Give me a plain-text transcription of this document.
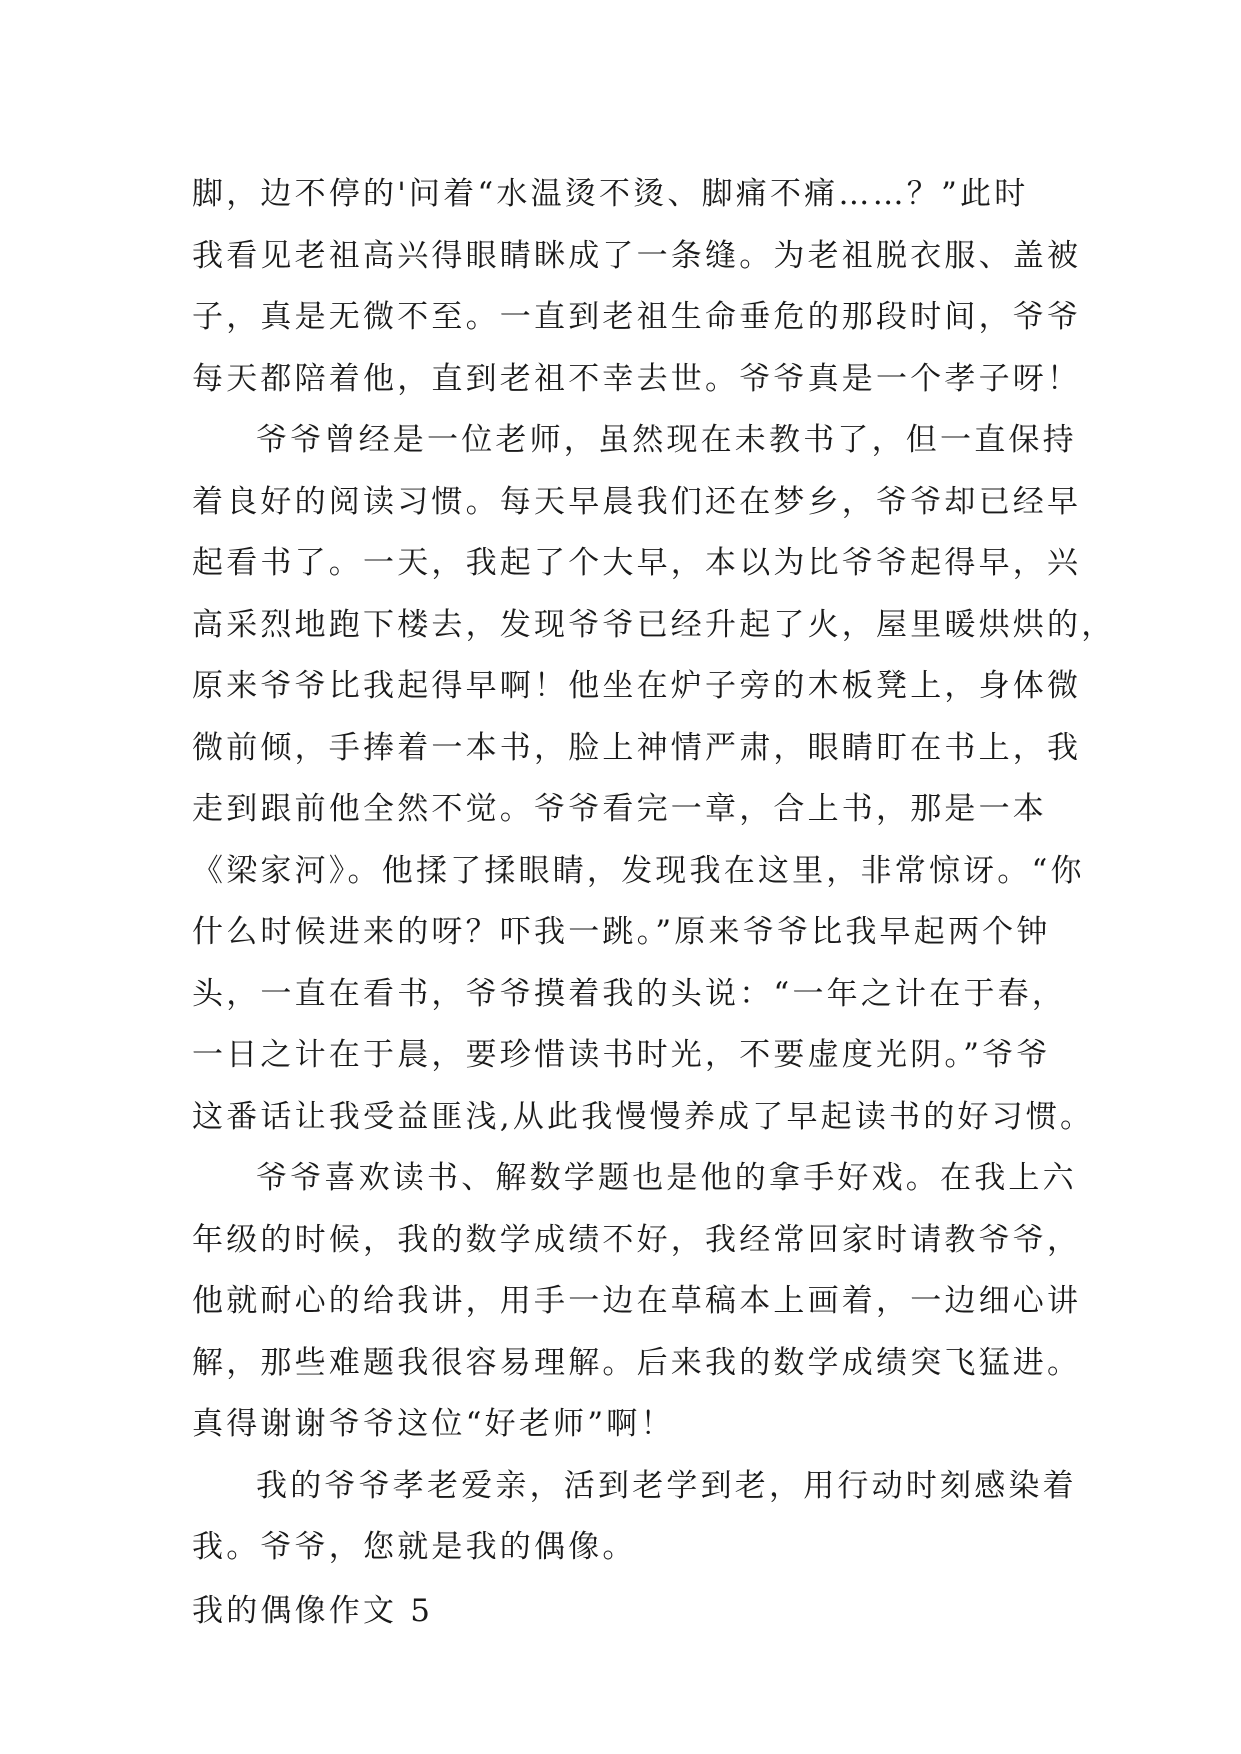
脚，边不停的'问着“水温烫不烫、脚痛不痛……？”此时
我看见老祖高兴得眼睛眯成了一条缝。为老祖脱衣服、盖被
子，真是无微不至。一直到老祖生命垂危的那段时间，爷爷
每天都陪着他，直到老祖不幸去世。爷爷真是一个孝子呀！
爷爷曾经是一位老师，虽然现在未教书了，但一直保持
着良好的阅读习惯。每天早晨我们还在梦乡，爷爷却已经早
起看书了。一天，我起了个大早，本以为比爷爷起得早，兴
高采烈地跑下楼去，发现爷爷已经升起了火，屋里暖烘烘的，
原来爷爷比我起得早啊！他坐在炉子旁的木板凳上，身体微
微前倾，手捧着一本书，脸上神情严肃，眼睛盯在书上，我
走到跟前他全然不觉。爷爷看完一章，合上书，那是一本
《梁家河》。他揉了揉眼睛，发现我在这里，非常惊讶。“你
什么时候进来的呀？吓我一跳。”原来爷爷比我早起两个钟
头，一直在看书，爷爷摸着我的头说：“一年之计在于春，
一日之计在于晨，要珍惜读书时光，不要虚度光阴。”爷爷
这番话让我受益匪浅,从此我慢慢养成了早起读书的好习惯。
爷爷喜欢读书、解数学题也是他的拿手好戏。在我上六
年级的时候，我的数学成绩不好，我经常回家时请教爷爷，
他就耐心的给我讲，用手一边在草稿本上画着，一边细心讲
解，那些难题我很容易理解。后来我的数学成绩突飞猛进。
真得谢谢爷爷这位“好老师”啊！
我的爷爷孝老爱亲，活到老学到老，用行动时刻感染着
我。爷爷，您就是我的偶像。
我的偶像作文 5
